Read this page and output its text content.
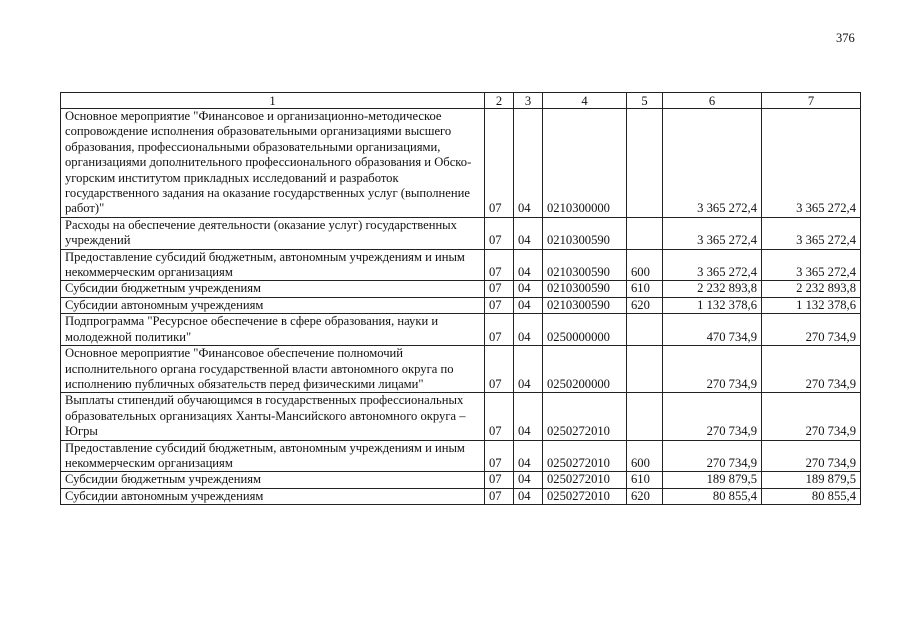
376
1	2	3	4	5	6	7
Основное мероприятие "Финансовое и организационно-методическое сопровождение исполнения образовательными организациями высшего образования, профессиональными образовательными организациями, организациями дополнительного профессионального образования и Обско-угорским институтом прикладных исследований и разработок государственного задания на оказание государственных услуг (выполнение работ)"	07	04	0210300000		3 365 272,4	3 365 272,4
Расходы на обеспечение деятельности (оказание услуг) государственных учреждений	07	04	0210300590		3 365 272,4	3 365 272,4
Предоставление субсидий бюджетным, автономным учреждениям и иным некоммерческим организациям	07	04	0210300590	600	3 365 272,4	3 365 272,4
Субсидии бюджетным учреждениям	07	04	0210300590	610	2 232 893,8	2 232 893,8
Субсидии автономным учреждениям	07	04	0210300590	620	1 132 378,6	1 132 378,6
Подпрограмма "Ресурсное обеспечение в сфере образования, науки и молодежной политики"	07	04	0250000000		470 734,9	270 734,9
Основное мероприятие "Финансовое обеспечение полномочий исполнительного органа государственной власти автономного округа по исполнению публичных обязательств перед физическими лицами"	07	04	0250200000		270 734,9	270 734,9
Выплаты стипендий обучающимся в государственных профессиональных образовательных организациях Ханты-Мансийского автономного округа – Югры	07	04	0250272010		270 734,9	270 734,9
Предоставление субсидий бюджетным, автономным учреждениям и иным некоммерческим организациям	07	04	0250272010	600	270 734,9	270 734,9
Субсидии бюджетным учреждениям	07	04	0250272010	610	189 879,5	189 879,5
Субсидии автономным учреждениям	07	04	0250272010	620	80 855,4	80 855,4
